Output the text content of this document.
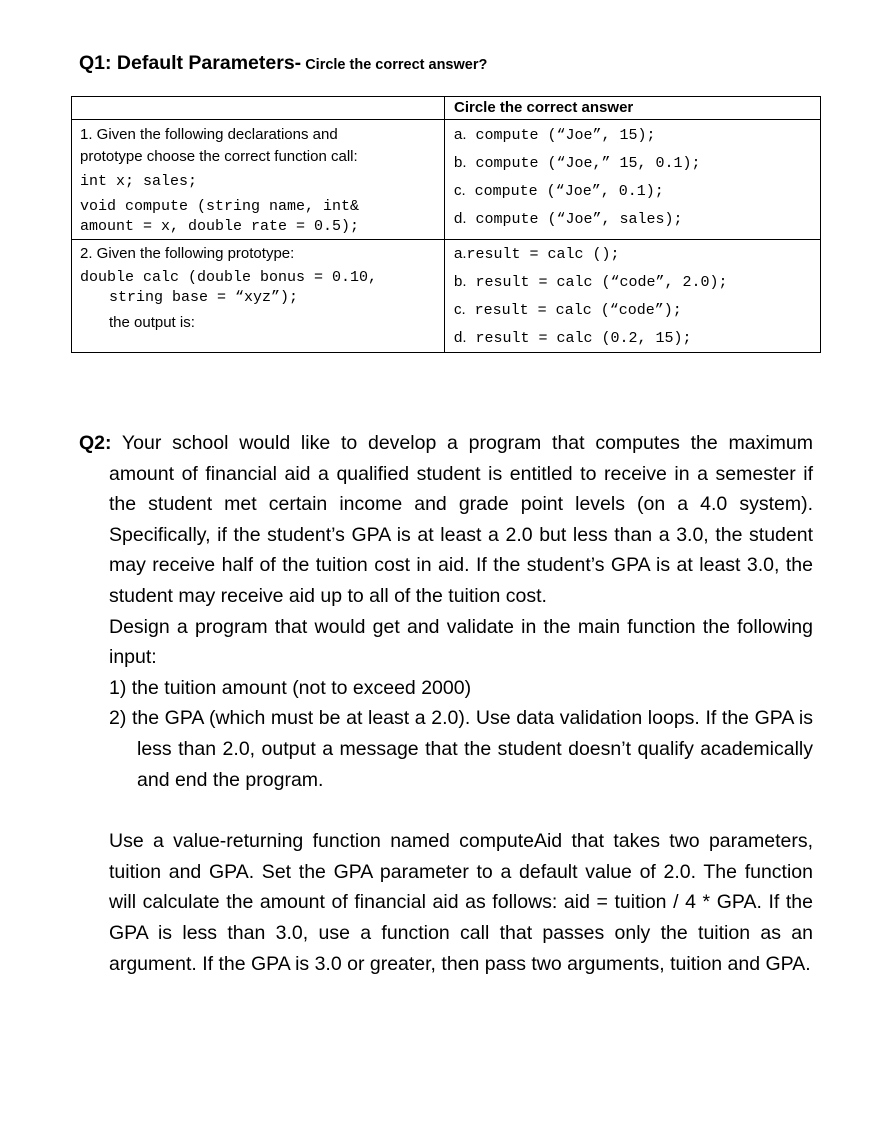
Q1: Default Parameters- Circle the correct answer?
	Circle the correct answer

1. Given the following declarations and
prototype choose the correct function call:
int x; sales;
void compute (string name, int&
amount = x, double rate = 0.5);	a. compute (“Joe”, 15);
b. compute (“Joe,” 15, 0.1);
c. compute (“Joe”, 0.1);
d. compute (“Joe”, sales);

2. Given the following prototype:
double calc (double bonus = 0.10,
string base = “xyz”);
the output is:	a.result = calc ();
b. result = calc (“code”, 2.0);
c. result = calc (“code”);
d. result = calc (0.2, 15);

Q2: Your school would like to develop a program that computes the maximum amount of financial aid a qualified student is entitled to receive in a semester if the student met certain income and grade point levels (on a 4.0 system). Specifically, if the student’s GPA is at least a 2.0 but less than a 3.0, the student may receive half of the tuition cost in aid. If the student’s GPA is at least 3.0, the student may receive aid up to all of the tuition cost.

Design a program that would get and validate in the main function the following input:

1) the tuition amount (not to exceed 2000)

2) the GPA (which must be at least a 2.0). Use data validation loops. If the GPA is less than 2.0, output a message that the student doesn’t qualify academically and end the program.

Use a value-returning function named computeAid that takes two parameters, tuition and GPA. Set the GPA parameter to a default value of 2.0. The function will calculate the amount of financial aid as follows: aid = tuition / 4 * GPA. If the GPA is less than 3.0, use a function call that passes only the tuition as an argument. If the GPA is 3.0 or greater, then pass two arguments, tuition and GPA.
